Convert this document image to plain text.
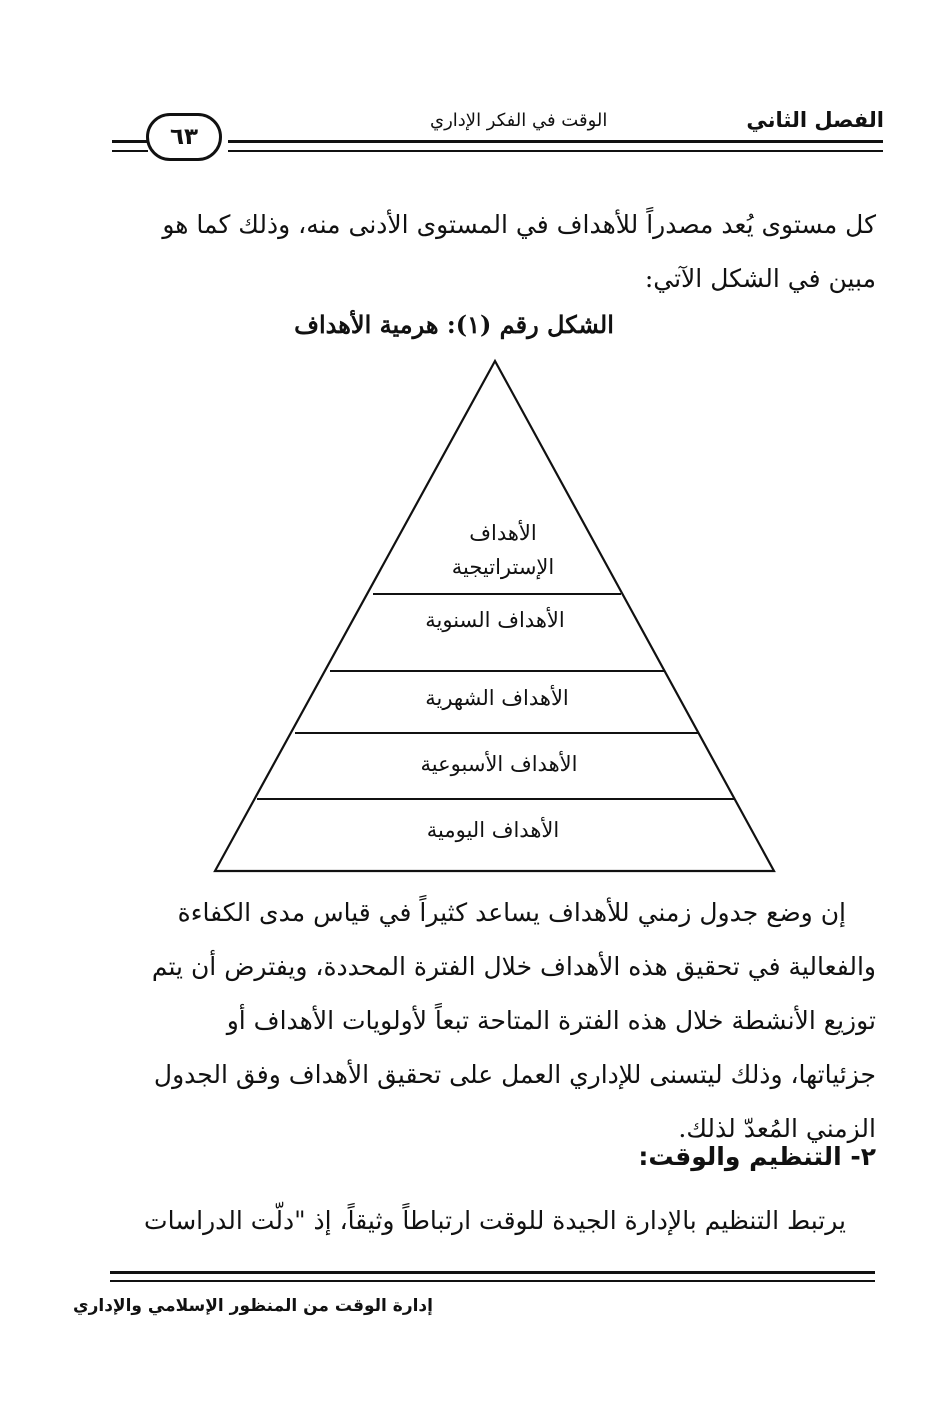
الفصل الثاني
الوقت في الفكر الإداري
٦٣
كل مستوى يُعد مصدراً للأهداف في المستوى الأدنى منه، وذلك كما هو
مبين في الشكل الآتي:
الشكل رقم (١): هرمية الأهداف
الأهداف
الإستراتيجية
الأهداف السنوية
الأهداف الشهرية
الأهداف الأسبوعية
الأهداف اليومية
إن وضع جدول زمني للأهداف يساعد كثيراً في قياس مدى الكفاءة
والفعالية في تحقيق هذه الأهداف خلال الفترة المحددة، ويفترض أن يتم
توزيع الأنشطة خلال هذه الفترة المتاحة تبعاً لأولويات الأهداف أو
جزئياتها، وذلك ليتسنى للإداري العمل على تحقيق الأهداف وفق الجدول
الزمني المُعدّ لذلك.
٢- التنظيم والوقت:
يرتبط التنظيم بالإدارة الجيدة للوقت ارتباطاً وثيقاً، إذ "دلّت الدراسات
إدارة الوقت من المنظور الإسلامي والإداري
